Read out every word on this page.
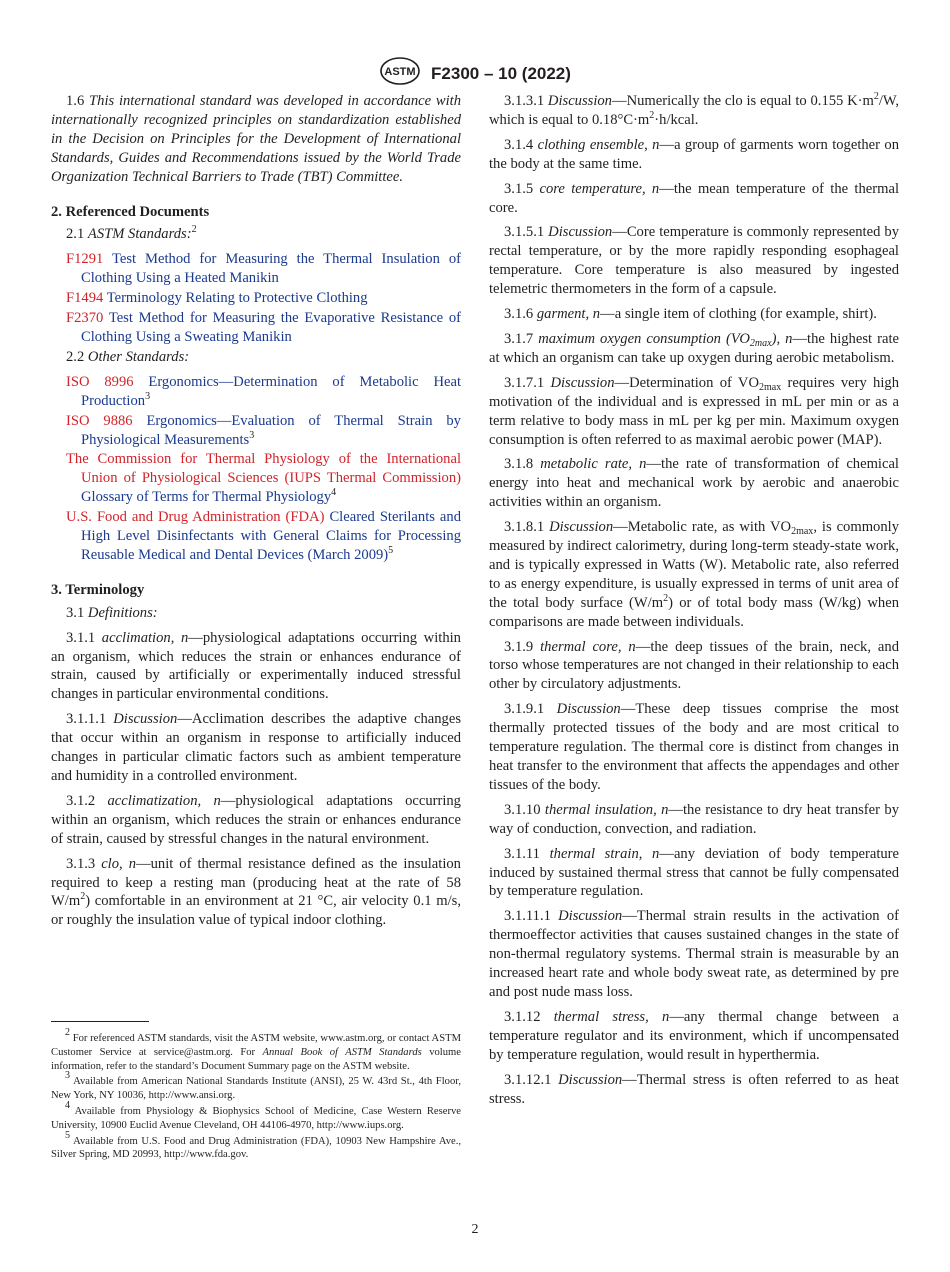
ASTM F2300 – 10 (2022)

1.6 This international standard was developed in accordance with internationally recognized principles on standardization established in the Decision on Principles for the Development of International Standards, Guides and Recommendations issued by the World Trade Organization Technical Barriers to Trade (TBT) Committee.

2. Referenced Documents

2.1 ASTM Standards:$^2$

F1291 Test Method for Measuring the Thermal Insulation of Clothing Using a Heated Manikin

F1494 Terminology Relating to Protective Clothing

F2370 Test Method for Measuring the Evaporative Resistance of Clothing Using a Sweating Manikin

2.2 Other Standards:

ISO 8996 Ergonomics—Determination of Metabolic Heat Production$^3$

ISO 9886 Ergonomics—Evaluation of Thermal Strain by Physiological Measurements$^3$

The Commission for Thermal Physiology of the International Union of Physiological Sciences (IUPS Thermal Commission) Glossary of Terms for Thermal Physiology$^4$

U.S. Food and Drug Administration (FDA) Cleared Sterilants and High Level Disinfectants with General Claims for Processing Reusable Medical and Dental Devices (March 2009)$^5$

3. Terminology

3.1 Definitions:

3.1.1 acclimation, n—physiological adaptations occurring within an organism, which reduces the strain or enhances endurance of strain, caused by artificially or experimentally induced stressful changes in particular environmental conditions.

3.1.1.1 Discussion—Acclimation describes the adaptive changes that occur within an organism in response to artificially induced changes in particular climatic factors such as ambient temperature and humidity in a controlled environment.

3.1.2 acclimatization, n—physiological adaptations occurring within an organism, which reduces the strain or enhances endurance of strain, caused by stressful changes in the natural environment.

3.1.3 clo, n—unit of thermal resistance defined as the insulation required to keep a resting man (producing heat at the rate of 58 $W/m^2$) comfortable in an environment at 21 °C, air velocity 0.1 m/s, or roughly the insulation value of typical indoor clothing.

2 For referenced ASTM standards, visit the ASTM website, www.astm.org, or contact ASTM Customer Service at service@astm.org. For Annual Book of ASTM Standards volume information, refer to the standard’s Document Summary page on the ASTM website.

3 Available from American National Standards Institute (ANSI), 25 W. 43rd St., 4th Floor, New York, NY 10036, http://www.ansi.org.

4 Available from Physiology & Biophysics School of Medicine, Case Western Reserve University, 10900 Euclid Avenue Cleveland, OH 44106-4970, http://www.iups.org.

5 Available from U.S. Food and Drug Administration (FDA), 10903 New Hampshire Ave., Silver Spring, MD 20993, http://www.fda.gov.

3.1.3.1 Discussion—Numerically the clo is equal to 0.155 $K\cdot m^2/W$, which is equal to $0.18^\circ C\cdot m^2\cdot h$/kcal.

3.1.4 clothing ensemble, n—a group of garments worn together on the body at the same time.

3.1.5 core temperature, n—the mean temperature of the thermal core.

3.1.5.1 Discussion—Core temperature is commonly represented by rectal temperature, or by the more rapidly responding esophageal temperature. Core temperature is also measured by ingested telemetric thermometers in the form of a capsule.

3.1.6 garment, n—a single item of clothing (for example, shirt).

3.1.7 maximum oxygen consumption $(VO_{2max})$, n—the highest rate at which an organism can take up oxygen during aerobic metabolism.

3.1.7.1 Discussion—Determination of $VO_{2max}$ requires very high motivation of the individual and is expressed in mL per min or as a term relative to body mass in mL per kg per min. Maximum oxygen consumption is often referred to as maximal aerobic power (MAP).

3.1.8 metabolic rate, n—the rate of transformation of chemical energy into heat and mechanical work by aerobic and anaerobic activities within an organism.

3.1.8.1 Discussion—Metabolic rate, as with $VO_{2max}$, is commonly measured by indirect calorimetry, during long-term steady-state work, and is typically expressed in Watts (W). Metabolic rate, also referred to as energy expenditure, is usually expressed in terms of unit area of the total body surface $(W/m^2)$ or of total body mass (W/kg) when comparisons are made between individuals.

3.1.9 thermal core, n—the deep tissues of the brain, neck, and torso whose temperatures are not changed in their relationship to each other by circulatory adjustments.

3.1.9.1 Discussion—These deep tissues comprise the most thermally protected tissues of the body and are most critical to temperature regulation. The thermal core is distinct from changes in heat transfer to the environment that affects the appendages and other tissues of the body.

3.1.10 thermal insulation, n—the resistance to dry heat transfer by way of conduction, convection, and radiation.

3.1.11 thermal strain, n—any deviation of body temperature induced by sustained thermal stress that cannot be fully compensated by temperature regulation.

3.1.11.1 Discussion—Thermal strain results in the activation of thermoeffector activities that causes sustained changes in the state of non-thermal regulatory systems. Thermal strain is measurable by an increased heart rate and whole body sweat rate, as determined by pre and post nude mass loss.

3.1.12 thermal stress, n—any thermal change between a temperature regulator and its environment, which if uncompensated by temperature regulation, would result in hyperthermia.

3.1.12.1 Discussion—Thermal stress is often referred to as heat stress.

2
